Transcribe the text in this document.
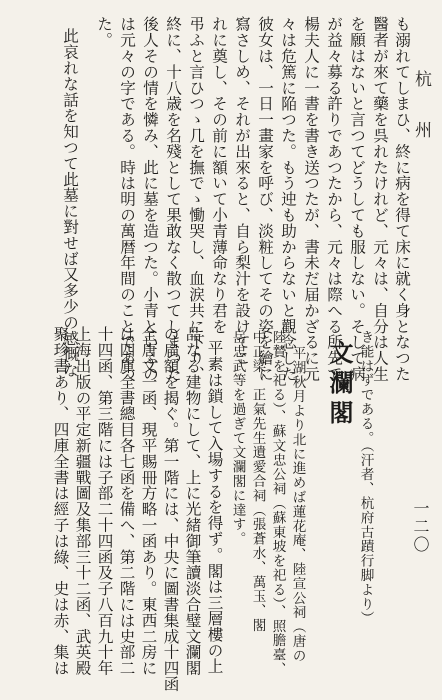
杭州
一二〇
も溺れてしまひ、終に病を得て床に就く身となつた
醫者が來て藥を呉れたけれど、元々は、自分は人生
を願はないと言つてどうしても服しない。そして病
が益々募る許りであつたから、元々は際へる所先で
楊夫人に一書を書き送つたが、書未だ届かざるに元
々は危篤に陥つた。もう迚も助からないと觀念した
彼女は、一日一畫家を呼び、淡粧してその姿を繪に
寫さしめ、それが出來ると、自ら梨汁を設けてこ
れに奠し、その前に額いて小青薄命なり君を
弔ふと言ひつゝ几を撫でゝ慟哭し、血涙共に下り、
終に、十八歳を名殘として果敢なく散つてしまつた
後人その情を憐み、此に墓を造つた。小青といふの
は元々の字である。時は明の萬暦年間のことであつ
た。
此哀れな話を知つて此墓に對せば又多少の感慨な
き能はずである。（汗者、杭府古蹟行脚より）
文瀾閣
平湖秋月より北に進めば蓮花庵、陸宣公祠（唐の
陸贄を祀る）、蘇文忠公祠（蘇東坡を祀る）、照膽臺、
中正梁、正氣先生遺愛合祠（張蒼水、萬玉、閣
岳忠武等を過ぎて文瀾閣に達す。
平素は鎖して入場するを得ず。閣は三層樓の上
品なる建物にして、上に光緒御筆讀淡合璧文瀾閣
の扁額を揭ぐ。第一階には、中央に圖書集成十四函
全唐文一函、現平賜冊方略一函あり。東西二房に
は四庫全書總目各七函を備へ、第二階には史部二
十四函、第三階には子部二十四函及子八百九十年
上海出版の平定新疆戰圖及集部三十二函、武英殿
聚珍書あり、四庫全書は經子は綠、史は赤、集は
